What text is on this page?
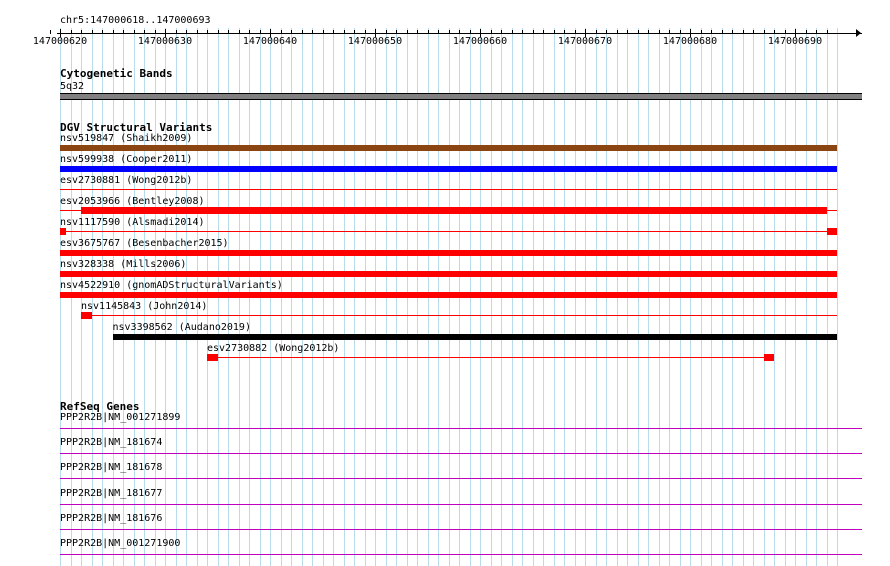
chr5:147000618..147000693
147000620	147000630	147000640	147000650	147000660	147000670	147000680	147000690
Cytogenetic Bands
5q32
DGV Structural Variants
RefSeq Genes
nsv519847 (Shaikh2009)
nsv599938 (Cooper2011)
esv2730881 (Wong2012b)
esv2053966 (Bentley2008)
nsv1117590 (Alsmadi2014)
esv3675767 (Besenbacher2015)
nsv328338 (Mills2006)
nsv4522910 (gnomADStructuralVariants)
nsv1145843 (John2014)
nsv3398562 (Audano2019)
esv2730882 (Wong2012b)
PPP2R2B|NM_001271899
PPP2R2B|NM_181674
PPP2R2B|NM_181678
PPP2R2B|NM_181677
PPP2R2B|NM_181676
PPP2R2B|NM_001271900
